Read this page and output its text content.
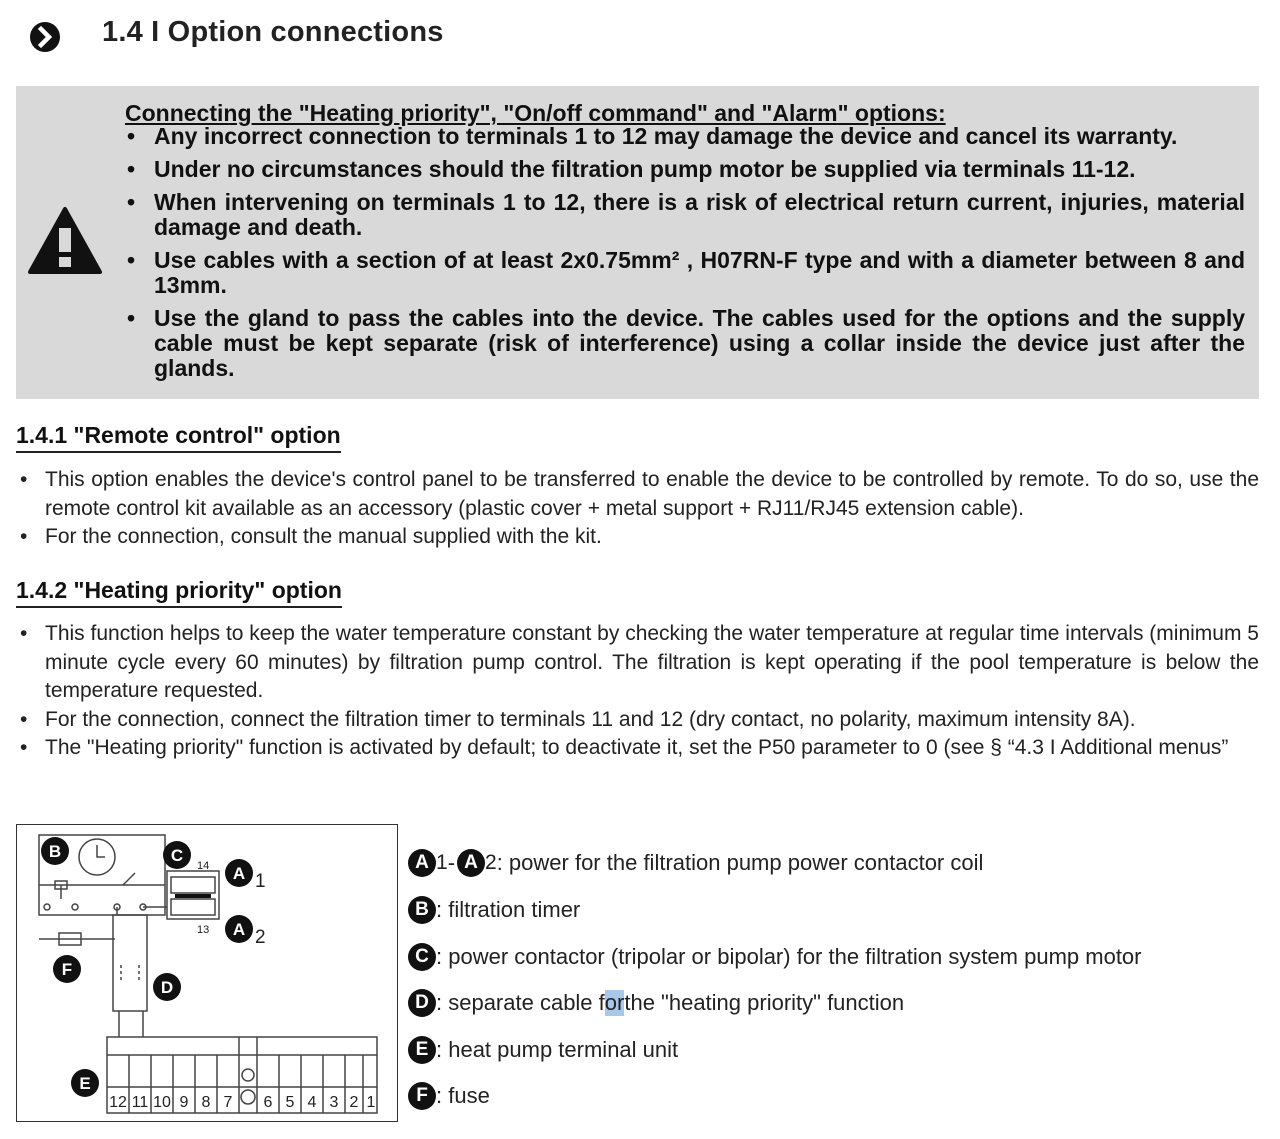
1.4 I Option connections
Connecting the "Heating priority", "On/off command" and "Alarm" options:
• Any incorrect connection to terminals 1 to 12 may damage the device and cancel its warranty.
• Under no circumstances should the filtration pump motor be supplied via terminals 11-12.
• When intervening on terminals 1 to 12, there is a risk of electrical return current, injuries, material damage and death.
• Use cables with a section of at least 2x0.75mm² , H07RN-F type and with a diameter between 8 and 13mm.
• Use the gland to pass the cables into the device. The cables used for the options and the supply cable must be kept separate (risk of interference) using a collar inside the device just after the glands.
1.4.1 "Remote control" option
• This option enables the device's control panel to be transferred to enable the device to be controlled by remote. To do so, use the remote control kit available as an accessory (plastic cover + metal support + RJ11/RJ45 extension cable).
• For the connection, consult the manual supplied with the kit.
1.4.2 "Heating priority" option
• This function helps to keep the water temperature constant by checking the water temperature at regular time intervals (minimum 5 minute cycle every 60 minutes) by filtration pump control. The filtration is kept operating if the pool temperature is below the temperature requested.
• For the connection, connect the filtration timer to terminals 11 and 12 (dry contact, no polarity, maximum intensity 8A).
• The "Heating priority" function is activated by default; to deactivate it, set the P50 parameter to 0 (see § “4.3 I Additional menus”
B	C
A
A
F
D
E
1
2
14
13
12 11 10 9 8 7 6 5 4 3 2 1
A 1 - A 2 : power for the filtration pump power contactor coil
B : filtration timer
C : power contactor (tripolar or bipolar) for the filtration system pump motor
D : separate cable f or the "heating priority" function
E : heat pump terminal unit
F : fuse
